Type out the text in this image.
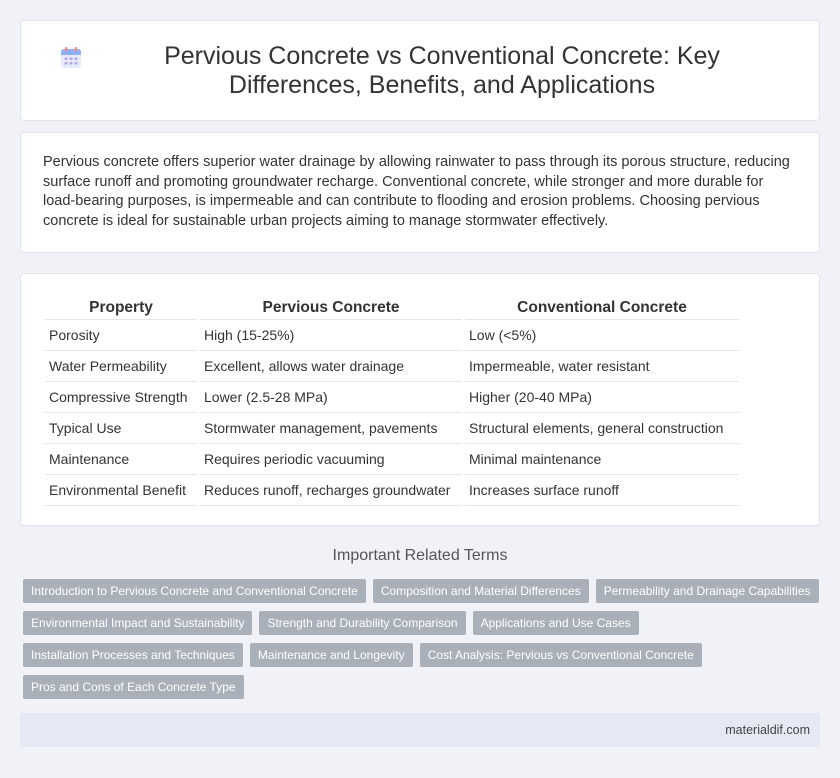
Pervious Concrete vs Conventional Concrete: Key Differences, Benefits, and Applications

Pervious concrete offers superior water drainage by allowing rainwater to pass through its porous structure, reducing surface runoff and promoting groundwater recharge. Conventional concrete, while stronger and more durable for load-bearing purposes, is impermeable and can contribute to flooding and erosion problems. Choosing pervious concrete is ideal for sustainable urban projects aiming to manage stormwater effectively.

Property	Pervious Concrete	Conventional Concrete
Porosity	High (15-25%)	Low (<5%)
Water Permeability	Excellent, allows water drainage	Impermeable, water resistant
Compressive Strength	Lower (2.5-28 MPa)	Higher (20-40 MPa)
Typical Use	Stormwater management, pavements	Structural elements, general construction
Maintenance	Requires periodic vacuuming	Minimal maintenance
Environmental Benefit	Reduces runoff, recharges groundwater	Increases surface runoff
Important Related Terms
Introduction to Pervious Concrete and Conventional Concrete	Composition and Material Differences	Permeability and Drainage Capabilities
Environmental Impact and Sustainability	Strength and Durability Comparison	Applications and Use Cases
Installation Processes and Techniques	Maintenance and Longevity	Cost Analysis: Pervious vs Conventional Concrete
Pros and Cons of Each Concrete Type
materialdif.com
